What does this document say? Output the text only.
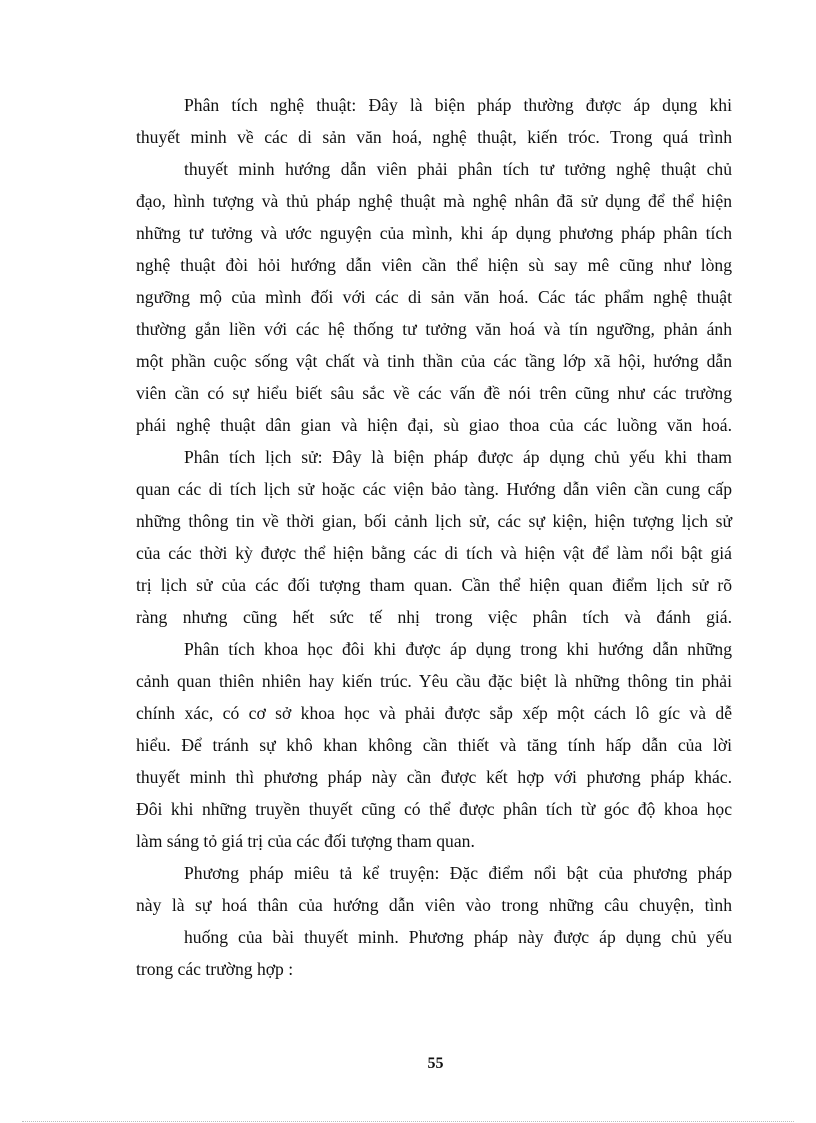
Phân tích nghệ thuật: Đây là biện pháp thường được áp dụng khi
thuyết minh về các di sản văn hoá, nghệ thuật, kiến tróc. Trong quá trình
thuyết minh hướng dẫn viên phải phân tích tư tưởng nghệ thuật chủ
đạo, hình tượng và thủ pháp nghệ thuật mà nghệ nhân đã sử dụng để thể hiện
những tư tưởng và ước nguyện của mình, khi áp dụng phương pháp phân tích
nghệ thuật đòi hỏi hướng dẫn viên cần thể hiện sù say mê cũng như lòng
ngưỡng mộ của mình đối với các di sản văn hoá. Các tác phẩm nghệ thuật
thường gắn liền với các hệ thống tư tưởng văn hoá và tín ngưỡng, phản ánh
một phần cuộc sống vật chất và tinh thần của các tầng lớp xã hội, hướng dẫn
viên cần có sự hiểu biết sâu sắc về các vấn đề nói trên cũng như các trường
phái nghệ thuật dân gian và hiện đại, sù giao thoa của các luồng văn hoá.
Phân tích lịch sử: Đây là biện pháp được áp dụng chủ yếu khi tham
quan các di tích lịch sử hoặc các viện bảo tàng. Hướng dẫn viên cần cung cấp
những thông tin về thời gian, bối cảnh lịch sử, các sự kiện, hiện tượng lịch sử
của các thời kỳ được thể hiện bằng các di tích và hiện vật để làm nổi bật giá
trị lịch sử của các đối tượng tham quan. Cần thể hiện quan điểm lịch sử rõ
ràng nhưng cũng hết sức tế nhị trong việc phân tích và đánh giá.
Phân tích khoa học đôi khi được áp dụng trong khi hướng dẫn những
cảnh quan thiên nhiên hay kiến trúc. Yêu cầu đặc biệt là những thông tin phải
chính xác, có cơ sở khoa học và phải được sắp xếp một cách lô gíc và dễ
hiểu. Để tránh sự khô khan không cần thiết và tăng tính hấp dẫn của lời
thuyết minh thì phương pháp này cần được kết hợp với phương pháp khác.
Đôi khi những truyền thuyết cũng có thể được phân tích từ góc độ khoa học
làm sáng tỏ giá trị của các đối tượng tham quan.
Phương pháp miêu tả kể truyện: Đặc điểm nổi bật của phương pháp
này là sự hoá thân của hướng dẫn viên vào trong những câu chuyện, tình
huống của bài thuyết minh. Phương pháp này được áp dụng chủ yếu
trong các trường hợp :
55
